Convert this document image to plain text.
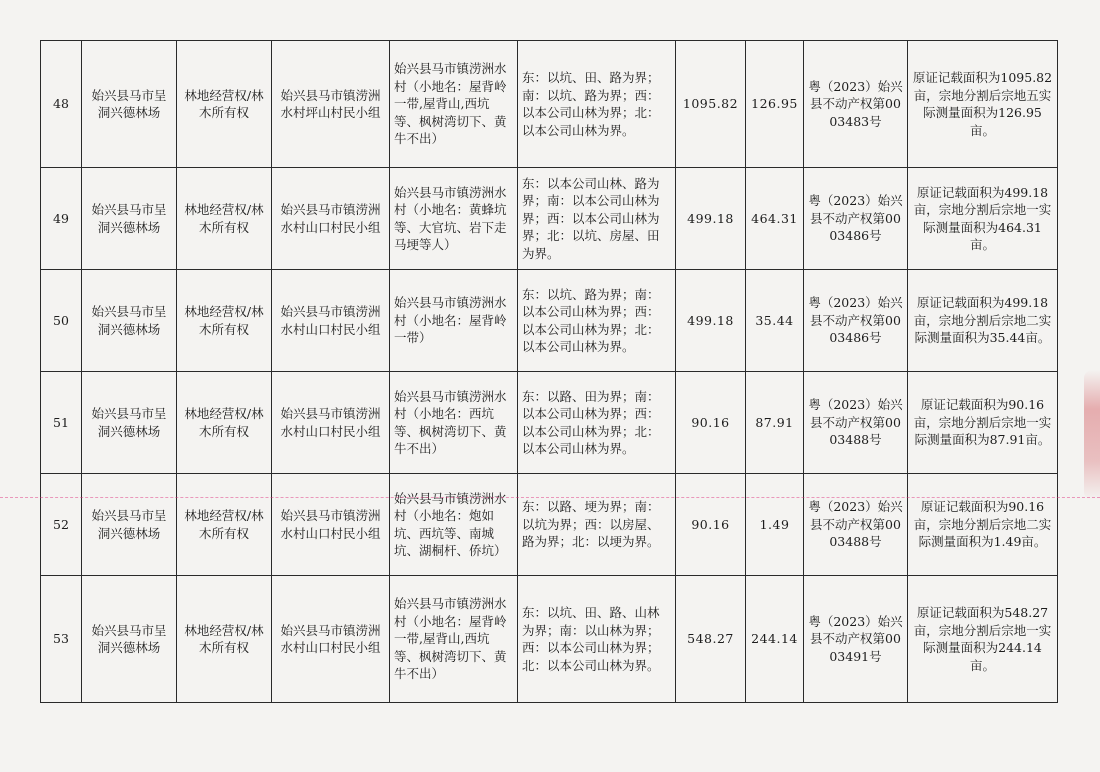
48	始兴县马市呈洞兴德林场	林地经营权/林木所有权	始兴县马市镇涝洲水村坪山村民小组	始兴县马市镇涝洲水村（小地名：屋背岭一带,屋背山,西坑等、枫树湾切下、黄牛不出）	东：以坑、田、路为界；南：以坑、路为界；西：以本公司山林为界；北：以本公司山林为界。	1095.82	126.95	粤（2023）始兴县不动产权第0003483号	原证记载面积为1095.82亩，宗地分割后宗地五实际测量面积为126.95亩。
49	始兴县马市呈洞兴德林场	林地经营权/林木所有权	始兴县马市镇涝洲水村山口村民小组	始兴县马市镇涝洲水村（小地名：黄蜂坑等、大官坑、岩下走马埂等人）	东：以本公司山林、路为界；南：以本公司山林为界；西：以本公司山林为界；北：以坑、房屋、田为界。	499.18	464.31	粤（2023）始兴县不动产权第0003486号	原证记载面积为499.18亩，宗地分割后宗地一实际测量面积为464.31亩。
50	始兴县马市呈洞兴德林场	林地经营权/林木所有权	始兴县马市镇涝洲水村山口村民小组	始兴县马市镇涝洲水村（小地名：屋背岭一带）	东：以坑、路为界；南：以本公司山林为界；西：以本公司山林为界；北：以本公司山林为界。	499.18	35.44	粤（2023）始兴县不动产权第0003486号	原证记载面积为499.18亩，宗地分割后宗地二实际测量面积为35.44亩。
51	始兴县马市呈洞兴德林场	林地经营权/林木所有权	始兴县马市镇涝洲水村山口村民小组	始兴县马市镇涝洲水村（小地名：西坑等、枫树湾切下、黄牛不出）	东：以路、田为界；南：以本公司山林为界；西：以本公司山林为界；北：以本公司山林为界。	90.16	87.91	粤（2023）始兴县不动产权第0003488号	原证记载面积为90.16亩，宗地分割后宗地一实际测量面积为87.91亩。
52	始兴县马市呈洞兴德林场	林地经营权/林木所有权	始兴县马市镇涝洲水村山口村民小组	始兴县马市镇涝洲水村（小地名：炮如坑、西坑等、南城坑、湖桐杆、侨坑）	东：以路、埂为界；南：以坑为界；西：以房屋、路为界；北：以埂为界。	90.16	1.49	粤（2023）始兴县不动产权第0003488号	原证记载面积为90.16亩，宗地分割后宗地二实际测量面积为1.49亩。
53	始兴县马市呈洞兴德林场	林地经营权/林木所有权	始兴县马市镇涝洲水村山口村民小组	始兴县马市镇涝洲水村（小地名：屋背岭一带,屋背山,西坑等、枫树湾切下、黄牛不出）	东：以坑、田、路、山林为界；南：以山林为界；西：以本公司山林为界；北：以本公司山林为界。	548.27	244.14	粤（2023）始兴县不动产权第0003491号	原证记载面积为548.27亩，宗地分割后宗地一实际测量面积为244.14亩。
